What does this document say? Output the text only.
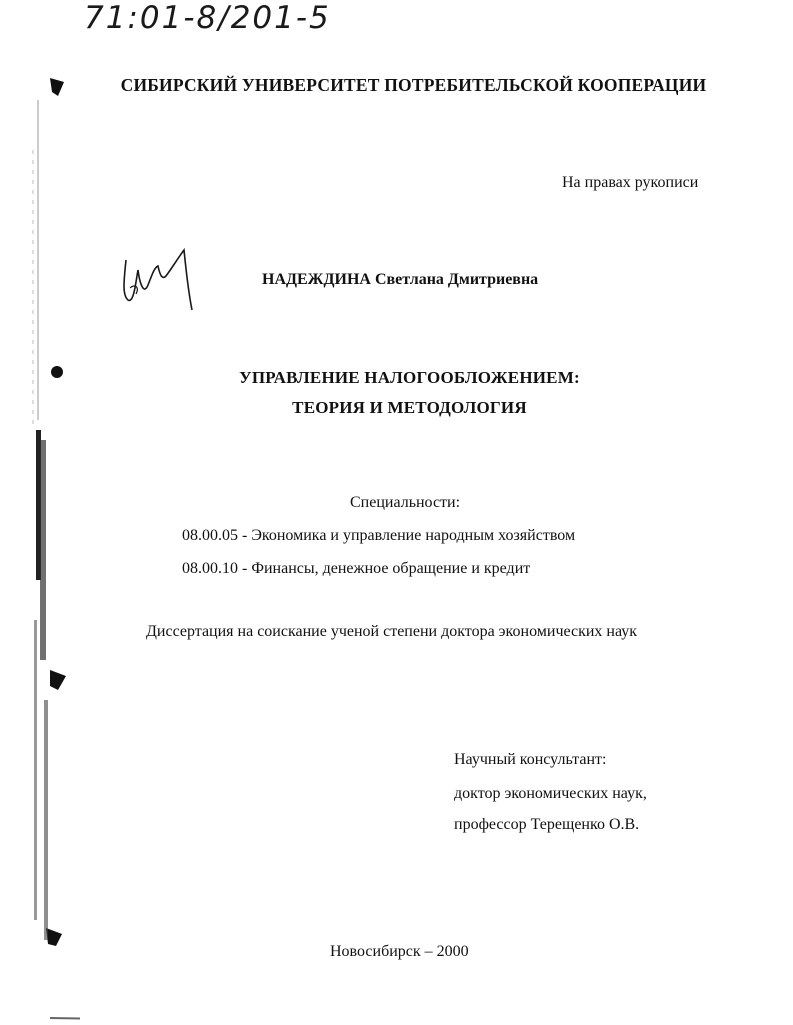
71:01-8/201-5
СИБИРСКИЙ УНИВЕРСИТЕТ ПОТРЕБИТЕЛЬСКОЙ КООПЕРАЦИИ
На правах рукописи
НАДЕЖДИНА Светлана Дмитриевна
УПРАВЛЕНИЕ НАЛОГООБЛОЖЕНИЕМ:
ТЕОРИЯ И МЕТОДОЛОГИЯ
Специальности:
08.00.05 - Экономика и управление народным хозяйством
08.00.10 - Финансы, денежное обращение и кредит
Диссертация на соискание ученой степени доктора экономических наук
Научный консультант:
доктор экономических наук,
профессор Терещенко О.В.
Новосибирск – 2000
